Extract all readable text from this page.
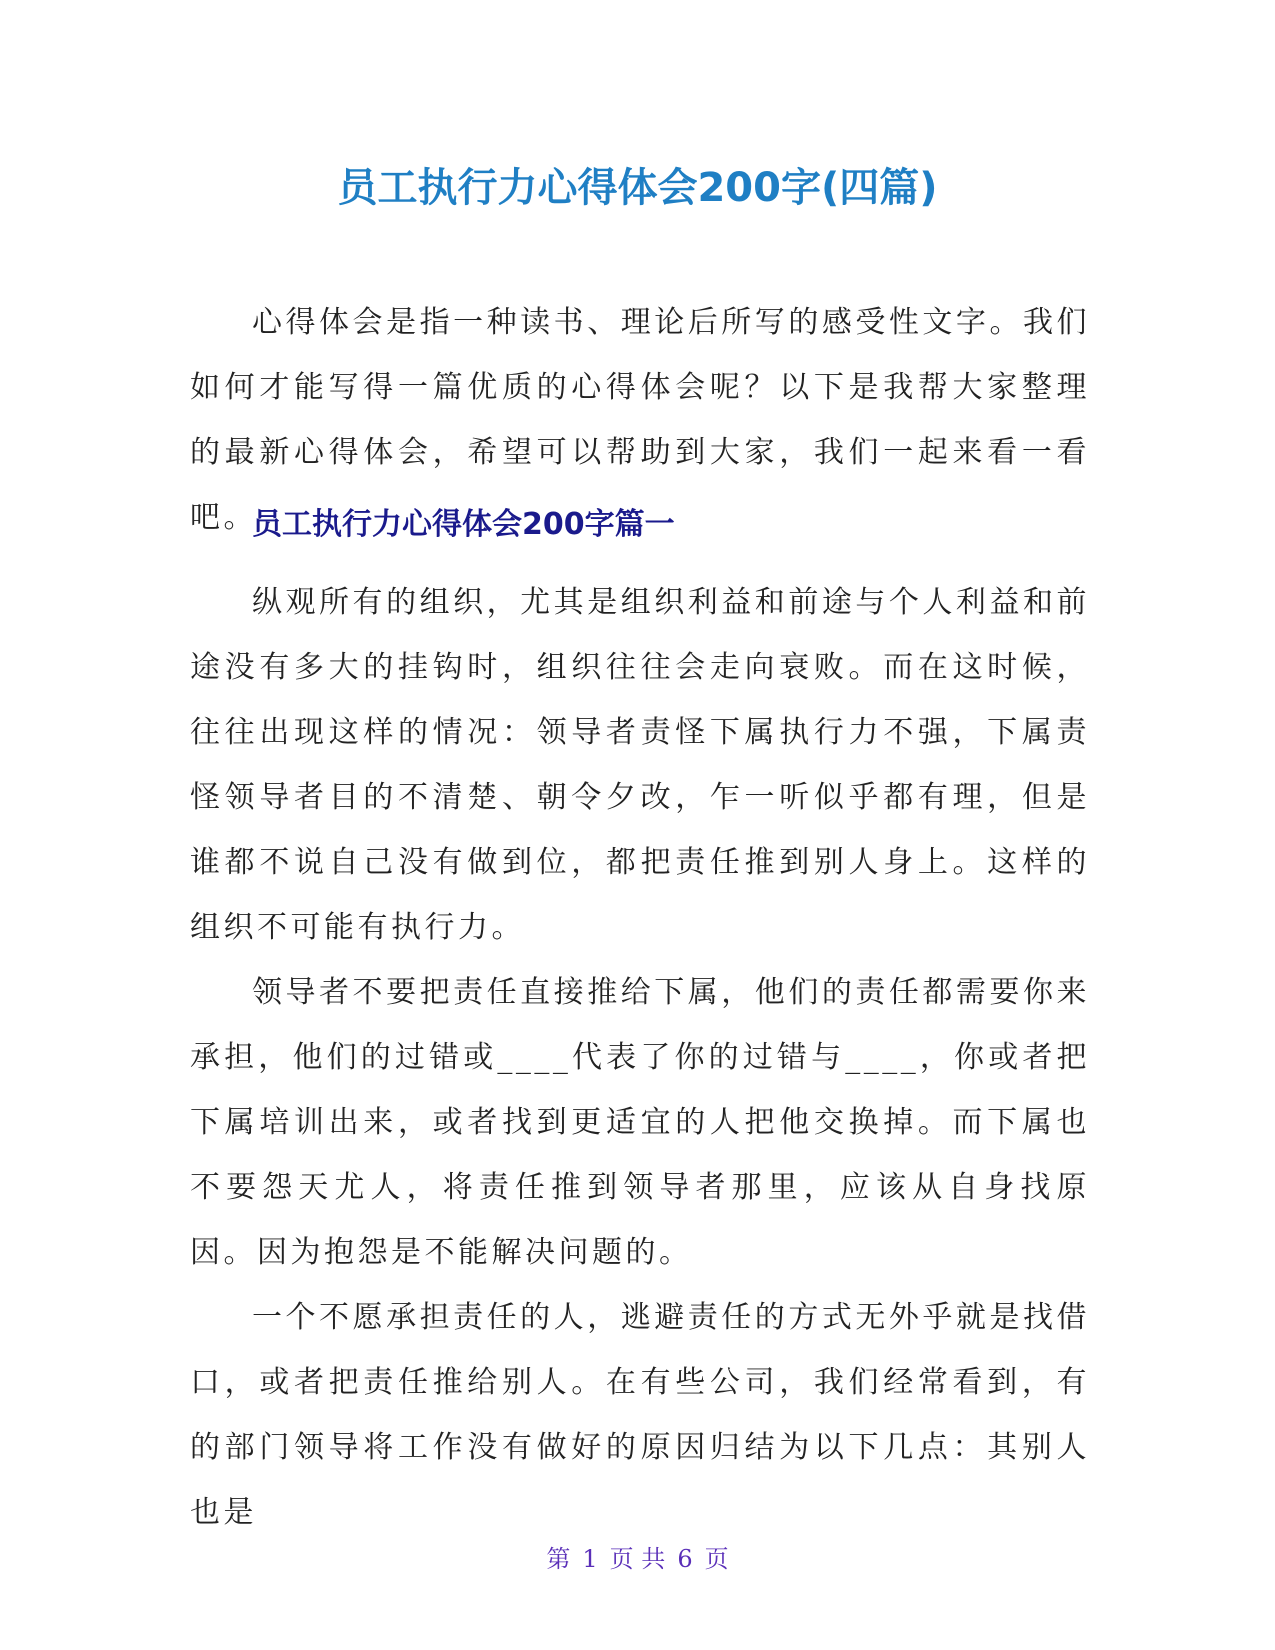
员工执行力心得体会200字(四篇)

心得体会是指一种读书、理论后所写的感受性文字。我们如何才能写得一篇优质的心得体会呢？以下是我帮大家整理的最新心得体会，希望可以帮助到大家，我们一起来看一看吧。

员工执行力心得体会200字篇一

纵观所有的组织，尤其是组织利益和前途与个人利益和前途没有多大的挂钩时，组织往往会走向衰败。而在这时候，往往出现这样的情况：领导者责怪下属执行力不强，下属责怪领导者目的不清楚、朝令夕改，乍一听似乎都有理，但是谁都不说自己没有做到位，都把责任推到别人身上。这样的组织不可能有执行力。

领导者不要把责任直接推给下属，他们的责任都需要你来承担，他们的过错或____代表了你的过错与____，你或者把下属培训出来，或者找到更适宜的人把他交换掉。而下属也不要怨天尤人，将责任推到领导者那里，应该从自身找原因。因为抱怨是不能解决问题的。

一个不愿承担责任的人，逃避责任的方式无外乎就是找借口，或者把责任推给别人。在有些公司，我们经常看到，有的部门领导将工作没有做好的原因归结为以下几点：其别人也是

第 1 页 共 6 页
